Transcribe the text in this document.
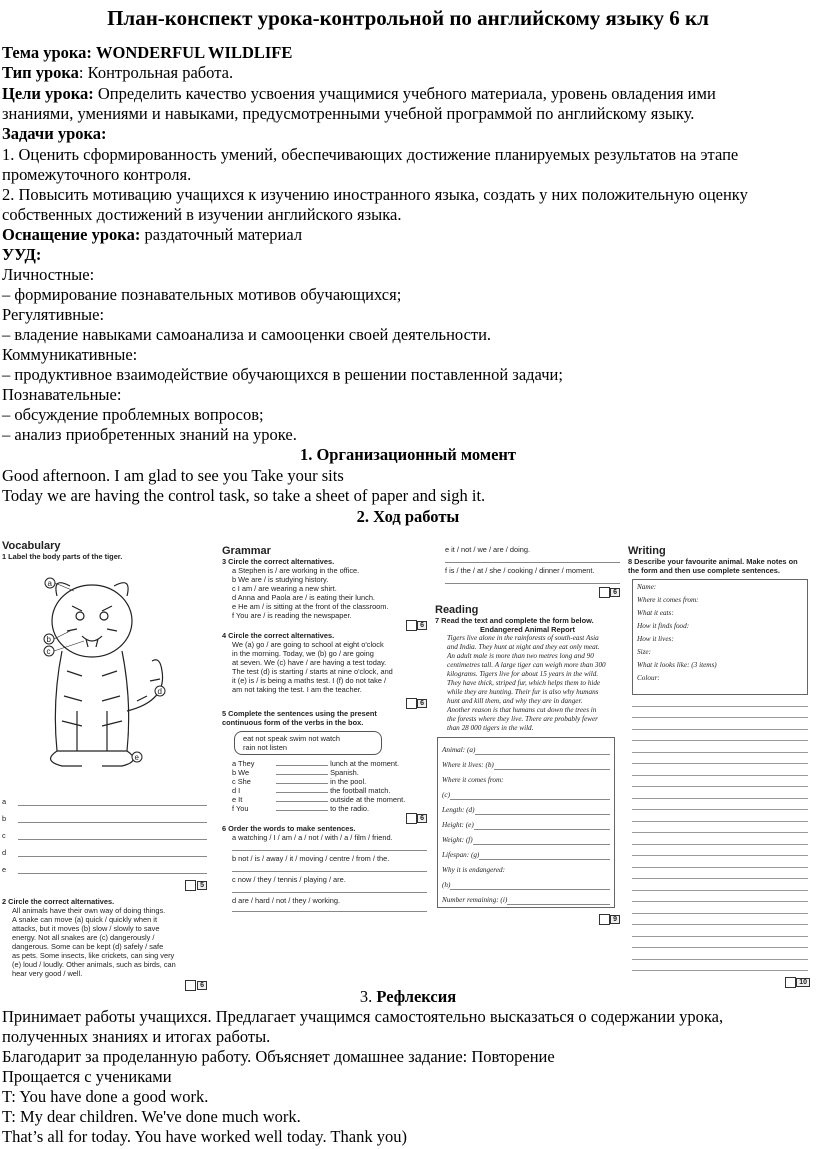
План-конспект урока-контрольной по английскому языку 6 кл
Тема урока: WONDERFUL WILDLIFE
Тип урока: Контрольная работа.
Цели урока: Определить качество усвоения учащимися учебного материала, уровень овладения ими
знаниями, умениями и навыками, предусмотренными учебной программой по английскому языку.
Задачи урока:
1. Оценить сформированность умений, обеспечивающих достижение планируемых результатов на этапе
промежуточного контроля.
2. Повысить мотивацию учащихся к изучению иностранного языка, создать у них положительную оценку
собственных достижений в изучении английского языка.
Оснащение урока: раздаточный материал
УУД:
Личностные:
– формирование познавательных мотивов обучающихся;
Регулятивные:
– владение навыками самоанализа и самооценки своей деятельности.
Коммуникативные:
– продуктивное взаимодействие обучающихся в решении поставленной задачи;
Познавательные:
– обсуждение проблемных вопросов;
– анализ приобретенных знаний на уроке.
1. Организационный момент
Good afternoon. I am glad to see you Take your sits
Today we are having the control task, so take a sheet of paper and sigh it.
2. Ход работы
Vocabulary
1 Label the body parts of the tiger.
a
b
c
d
e
a
b
c
d
e
5
2 Circle the correct alternatives.
All animals have their own way of doing things.
A snake can move (a) quick / quickly when it
attacks, but it moves (b) slow / slowly to save
energy. Not all snakes are (c) dangerously /
dangerous. Some can be kept (d) safely / safe
as pets. Some insects, like crickets, can sing very
(e) loud / loudly. Other animals, such as birds, can
hear very good / well.
6
Grammar
3 Circle the correct alternatives.
a Stephen is / are working in the office.
b We are / is studying history.
c I am / are wearing a new shirt.
d Anna and Paola are / is eating their lunch.
e He am / is sitting at the front of the classroom.
f You are / is reading the newspaper.
6
4 Circle the correct alternatives.
We (a) go / are going to school at eight o'clock
in the morning. Today, we (b) go / are going
at seven. We (c) have / are having a test today.
The test (d) is starting / starts at nine o'clock, and
it (e) is / is being a maths test. I (f) do not take /
am not taking the test. I am the teacher.
6
5 Complete the sentences using the present
continuous form of the verbs in the box.
eat not speak swim not watch
rain not listen
a They	lunch at the moment.
b We	Spanish.
c She	in the pool.
d I	the football match.
e It	outside at the moment.
f You	to the radio.
6
6 Order the words to make sentences.
a watching / I / am / a / not / with / a / film / friend.
b not / is / away / it / moving / centre / from / the.
c now / they / tennis / playing / are.
d are / hard / not / they / working.
e it / not / we / are / doing.
f is / the / at / she / cooking / dinner / moment.
6
Reading
7 Read the text and complete the form below.
Endangered Animal Report
Tigers live alone in the rainforests of south-east Asia
and India. They hunt at night and they eat only meat.
An adult male is more than two metres long and 90
centimetres tall. A large tiger can weigh more than 300
kilograms. Tigers live for about 15 years in the wild.
They have thick, striped fur, which helps them to hide
while they are hunting. Their fur is also why humans
hunt and kill them, and why they are in danger.
Another reason is that humans cut down the trees in
the forests where they live. There are probably fewer
than 28 000 tigers in the wild.
Animal: (a)
Where it lives: (b)
Where it comes from:
(c)
Length: (d)
Height: (e)
Weight: (f)
Lifespan: (g)
Why it is endangered:
(h)
Number remaining: (i)
9
Writing
8 Describe your favourite animal. Make notes on
the form and then use complete sentences.
Name:
Where it comes from:
What it eats:
How it finds food:
How it lives:
Size:
What it looks like: (3 items)
Colour:
10
3. Рефлексия
Принимает работы учащихся. Предлагает учащимся самостоятельно высказаться о содержании урока,
полученных знаниях и итогах работы.
Благодарит за проделанную работу. Объясняет домашнее задание: Повторение
Прощается с учениками
T: You have done a good work.
T: My dear children. We've done much work.
That’s all for today. You have worked well today. Thank you)
